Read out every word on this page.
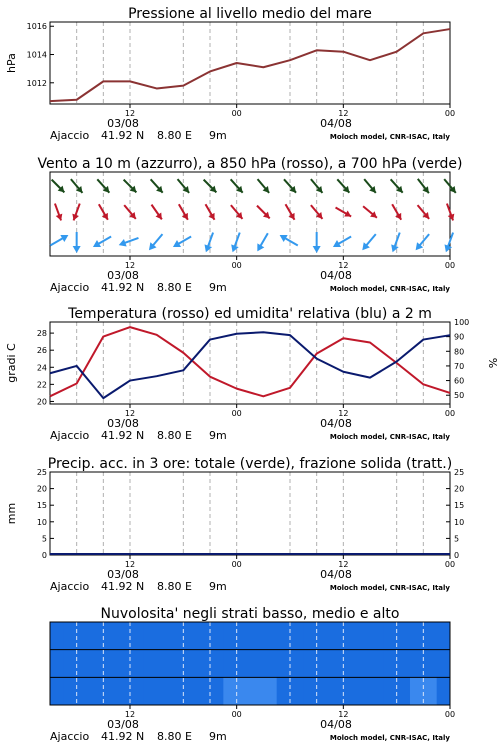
Pressione al livello medio del mare
12	00	12	00
03/08	04/08
Ajaccio 41.92 N 8.80 E 9m	Moloch model, CNR-ISAC, Italy
1012
1014
1016
hPa
Vento a 10 m (azzurro), a 850 hPa (rosso), a 700 hPa (verde)
12	00	12	00
03/08	04/08
Ajaccio 41.92 N 8.80 E 9m	Moloch model, CNR-ISAC, Italy
Temperatura (rosso) ed umidita' relativa (blu) a 2 m
12	00	12	00
03/08	04/08
Ajaccio 41.92 N 8.80 E 9m	Moloch model, CNR-ISAC, Italy
20
22
24
26
28
50
60
70
80
90
100
gradi C	%
Precip. acc. in 3 ore: totale (verde), frazione solida (tratt.)
12	00	12	00
03/08	04/08
Ajaccio 41.92 N 8.80 E 9m	Moloch model, CNR-ISAC, Italy
0
5
10
15
20
25
0
5
10
15
20
25
mm
Nuvolosita' negli strati basso, medio e alto
12	00	12	00
03/08	04/08
Ajaccio 41.92 N 8.80 E 9m	Moloch model, CNR-ISAC, Italy
